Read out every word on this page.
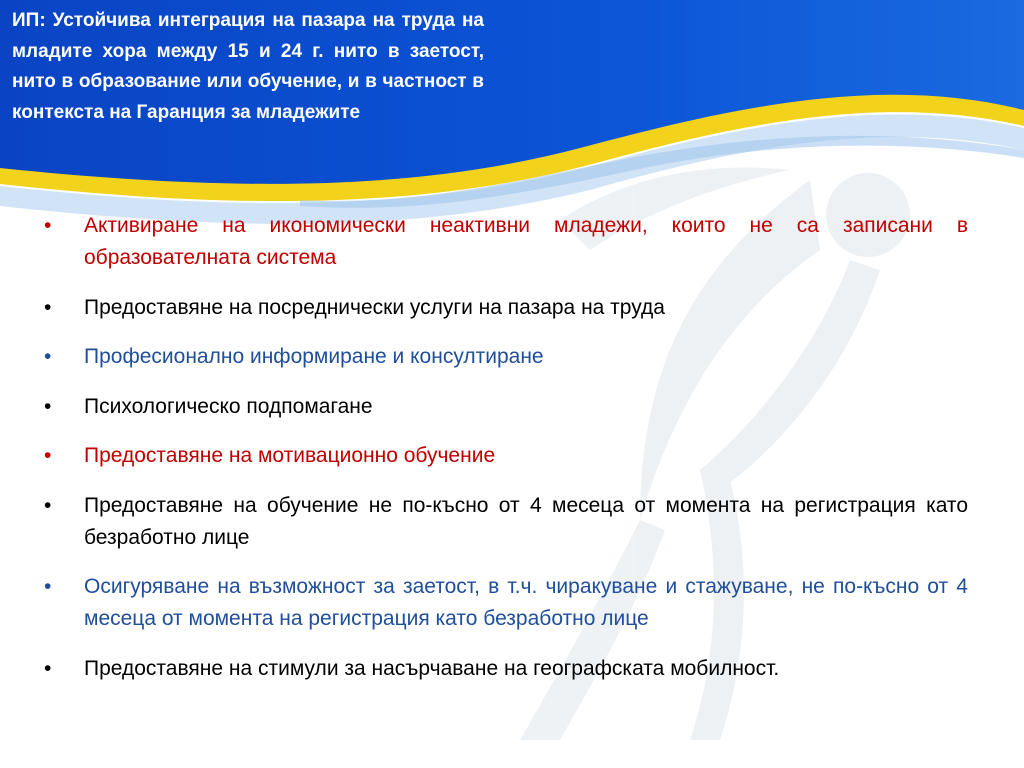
ИП: Устойчива интеграция на пазара на труда на младите хора между 15 и 24 г. нито в заетост, нито в образование или обучение, и в частност в контекста на Гаранция за младежите

• Активиране на икономически неактивни младежи, които не са записани в образователната система
• Предоставяне на посреднически услуги на пазара на труда
• Професионално информиране и консултиране
• Психологическо подпомагане
• Предоставяне на мотивационно обучение
• Предоставяне на обучение не по-късно от 4 месеца от момента на регистрация като безработно лице
• Осигуряване на възможност за заетост, в т.ч. чиракуване и стажуване, не по-късно от 4 месеца от момента на регистрация като безработно лице
• Предоставяне на стимули за насърчаване на географската мобилност.
